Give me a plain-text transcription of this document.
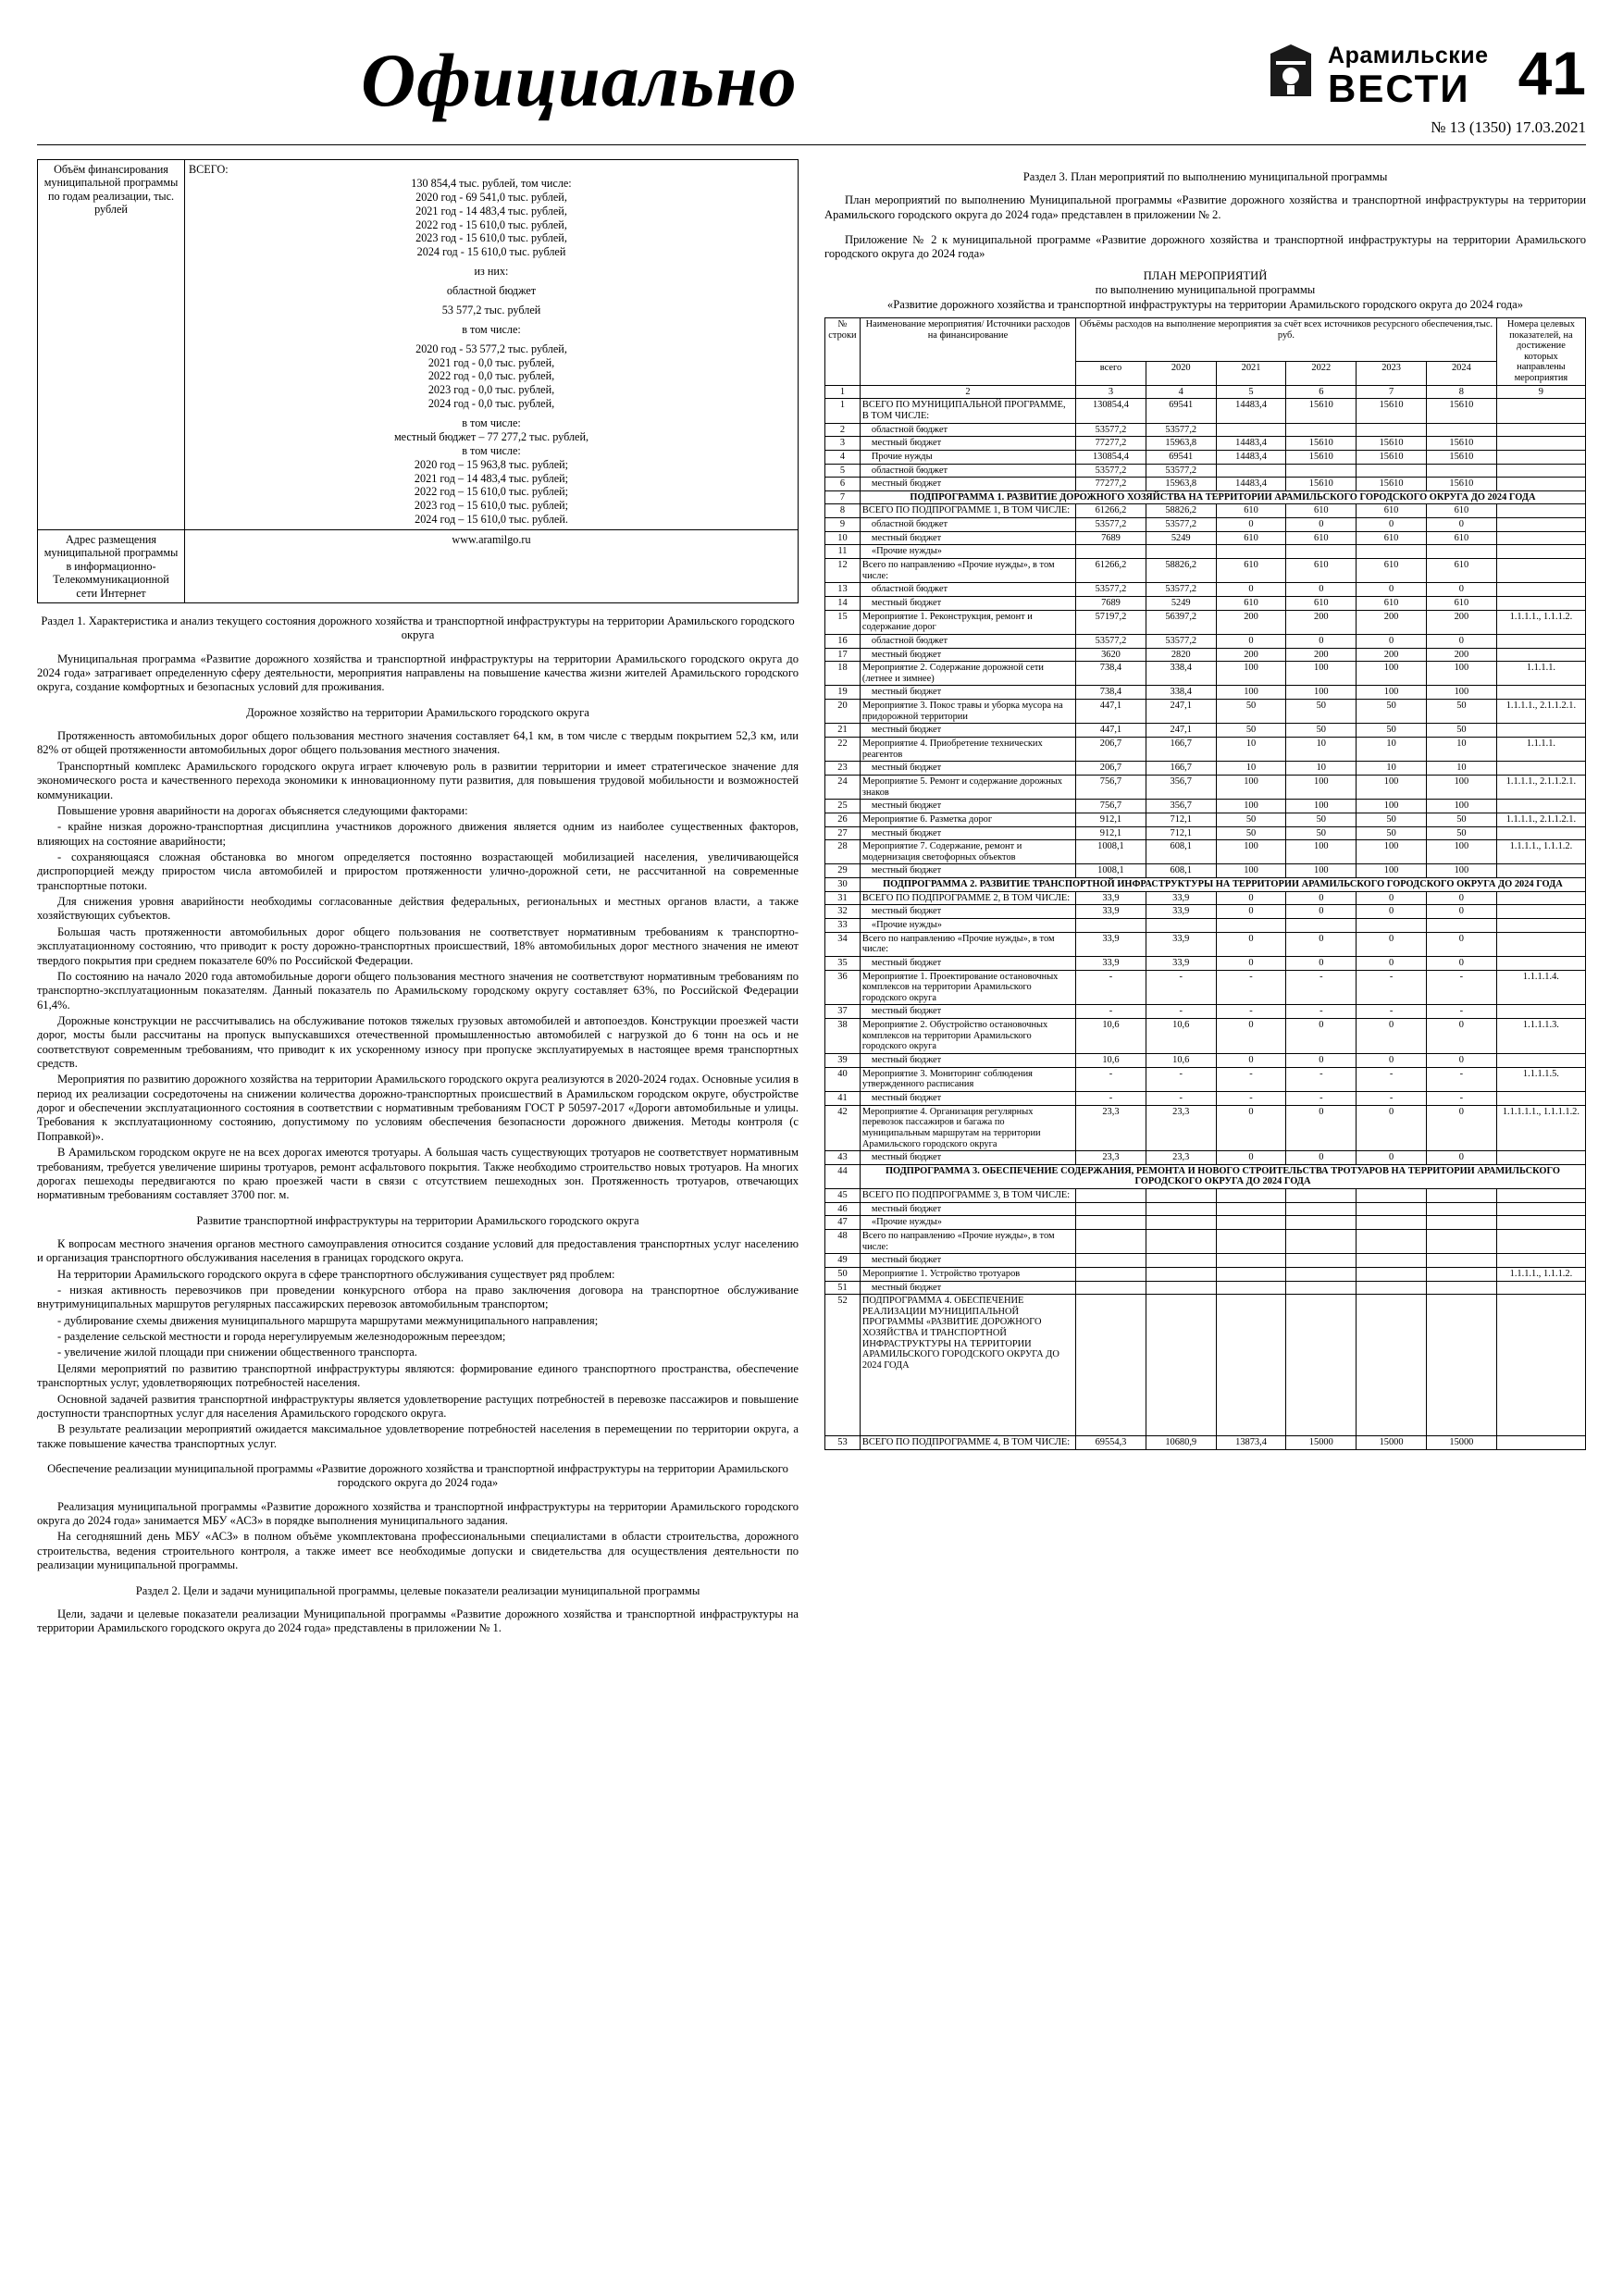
Официально	Арамильские
ВЕСТИ 41
№ 13 (1350) 17.03.2021
Объём финансирования муниципальной программы по годам реализации, тыс. рублей	

ВСЕГО:

130 854,4 тыс. рублей, том числе:

2020 год - 69 541,0 тыс. рублей,

2021 год - 14 483,4 тыс. рублей,

2022 год - 15 610,0 тыс. рублей,

2023 год - 15 610,0 тыс. рублей,

2024 год - 15 610,0 тыс. рублей

из них:

областной бюджет

53 577,2 тыс. рублей

в том числе:

2020 год - 53 577,2 тыс. рублей,

2021 год - 0,0 тыс. рублей,

2022 год - 0,0 тыс. рублей,

2023 год - 0,0 тыс. рублей,

2024 год - 0,0 тыс. рублей,

в том числе:

местный бюджет – 77 277,2 тыс. рублей,

в том числе:

2020 год – 15 963,8 тыс. рублей;

2021 год – 14 483,4 тыс. рублей;

2022 год – 15 610,0 тыс. рублей;

2023 год – 15 610,0 тыс. рублей;

2024 год – 15 610,0 тыс. рублей.

Адрес размещения муниципальной программы в информационно-Телекоммуникационной сети Интернет	www.aramilgo.ru

Раздел 1. Характеристика и анализ текущего состояния дорожного хозяйства и транспортной инфраструктуры на территории Арамильского городского округа

Муниципальная программа «Развитие дорожного хозяйства и транспортной инфраструктуры на территории Арамильского городского округа до 2024 года» затрагивает определенную сферу деятельности, мероприятия направлены на повышение качества жизни жителей Арамильского городского округа, создание комфортных и безопасных условий для проживания.

Дорожное хозяйство на территории Арамильского городского округа

Протяженность автомобильных дорог общего пользования местного значения составляет 64,1 км, в том числе с твердым покрытием 52,3 км, или 82% от общей протяженности автомобильных дорог общего пользования местного значения.

Транспортный комплекс Арамильского городского округа играет ключевую роль в развитии территории и имеет стратегическое значение для экономического роста и качественного перехода экономики к инновационному пути развития, для повышения трудовой мобильности и возможностей коммуникации.

Повышение уровня аварийности на дорогах объясняется следующими факторами:

- крайне низкая дорожно-транспортная дисциплина участников дорожного движения является одним из наиболее существенных факторов, влияющих на состояние аварийности;

- сохраняющаяся сложная обстановка во многом определяется постоянно возрастающей мобилизацией населения, увеличивающейся диспропорцией между приростом числа автомобилей и приростом протяженности улично-дорожной сети, не рассчитанной на современные транспортные потоки.

Для снижения уровня аварийности необходимы согласованные действия федеральных, региональных и местных органов власти, а также хозяйствующих субъектов.

Большая часть протяженности автомобильных дорог общего пользования не соответствует нормативным требованиям к транспортно-эксплуатационному состоянию, что приводит к росту дорожно-транспортных происшествий, 18% автомобильных дорог местного значения не имеют твердого покрытия при среднем показателе 60% по Российской Федерации.

По состоянию на начало 2020 года автомобильные дороги общего пользования местного значения не соответствуют нормативным требованиям по транспортно-эксплуатационным показателям. Данный показатель по Арамильскому городскому округу составляет 63%, по Российской Федерации 61,4%.

Дорожные конструкции не рассчитывались на обслуживание потоков тяжелых грузовых автомобилей и автопоездов. Конструкции проезжей части дорог, мосты были рассчитаны на пропуск выпускавшихся отечественной промышленностью автомобилей с нагрузкой до 6 тонн на ось и не соответствуют современным требованиям, что приводит к их ускоренному износу при пропуске эксплуатируемых в настоящее время транспортных средств.

Мероприятия по развитию дорожного хозяйства на территории Арамильского городского округа реализуются в 2020-2024 годах. Основные усилия в период их реализации сосредоточены на снижении количества дорожно-транспортных происшествий в Арамильском городском округе, обустройстве дорог и обеспечении эксплуатационного состояния в соответствии с нормативным требованиям ГОСТ Р 50597-2017 «Дороги автомобильные и улицы. Требования к эксплуатационному состоянию, допустимому по условиям обеспечения безопасности дорожного движения. Методы контроля (с Поправкой)».

В Арамильском городском округе не на всех дорогах имеются тротуары. А большая часть существующих тротуаров не соответствует нормативным требованиям, требуется увеличение ширины тротуаров, ремонт асфальтового покрытия. Также необходимо строительство новых тротуаров. На многих дорогах пешеходы передвигаются по краю проезжей части в связи с отсутствием пешеходных зон. Протяженность тротуаров, отвечающих нормативным требованиям составляет 3700 пог. м.

Развитие транспортной инфраструктуры на территории Арамильского городского округа

К вопросам местного значения органов местного самоуправления относится создание условий для предоставления транспортных услуг населению и организация транспортного обслуживания населения в границах городского округа.

На территории Арамильского городского округа в сфере транспортного обслуживания существует ряд проблем:

- низкая активность перевозчиков при проведении конкурсного отбора на право заключения договора на транспортное обслуживание внутримуниципальных маршрутов регулярных пассажирских перевозок автомобильным транспортом;

- дублирование схемы движения муниципального маршрута маршрутами межмуниципального направления;

- разделение сельской местности и города нерегулируемым железнодорожным переездом;

- увеличение жилой площади при снижении общественного транспорта.

Целями мероприятий по развитию транспортной инфраструктуры являются: формирование единого транспортного пространства, обеспечение транспортных услуг, удовлетворяющих потребностей населения.

Основной задачей развития транспортной инфраструктуры является удовлетворение растущих потребностей в перевозке пассажиров и повышение доступности транспортных услуг для населения Арамильского городского округа.

В результате реализации мероприятий ожидается максимальное удовлетворение потребностей населения в перемещении по территории округа, а также повышение качества транспортных услуг.

Обеспечение реализации муниципальной программы «Развитие дорожного хозяйства и транспортной инфраструктуры на территории Арамильского городского округа до 2024 года»

Реализация муниципальной программы «Развитие дорожного хозяйства и транспортной инфраструктуры на территории Арамильского городского округа до 2024 года» занимается МБУ «АСЗ» в порядке выполнения муниципального задания.

На сегодняшний день МБУ «АСЗ» в полном объёме укомплектована профессиональными специалистами в области строительства, дорожного строительства, ведения строительного контроля, а также имеет все необходимые допуски и свидетельства для осуществления деятельности по реализации муниципальной программы.

Раздел 2. Цели и задачи муниципальной программы, целевые показатели реализации муниципальной программы

Цели, задачи и целевые показатели реализации Муниципальной программы «Развитие дорожного хозяйства и транспортной инфраструктуры на территории Арамильского городского округа до 2024 года» представлены в приложении № 1.

Раздел 3. План мероприятий по выполнению муниципальной программы

План мероприятий по выполнению Муниципальной программы «Развитие дорожного хозяйства и транспортной инфраструктуры на территории Арамильского городского округа до 2024 года» представлен в приложении № 2.

Приложение № 2 к муниципальной программе «Развитие дорожного хозяйства и транспортной инфраструктуры на территории Арамильского городского округа до 2024 года»

ПЛАН МЕРОПРИЯТИЙ

по выполнению муниципальной программы

«Развитие дорожного хозяйства и транспортной инфраструктуры на территории Арамильского городского округа до 2024 года»

№ строки	Наименование мероприятия/ Источники расходов на финансирование	Объёмы расходов на выполнение мероприятия за счёт всех источников ресурсного обеспечения,тыс. руб.						Номера целевых показателей, на достижение которых направлены мероприятия
		всего	2020	2021	2022	2023	2024	
1	2	3	4	5	6	7	8	9
1	ВСЕГО ПО МУНИЦИПАЛЬНОЙ ПРОГРАММЕ, В ТОМ ЧИСЛЕ:	130854,4	69541	14483,4	15610	15610	15610	
2	областной бюджет	53577,2	53577,2					
3	местный бюджет	77277,2	15963,8	14483,4	15610	15610	15610	
4	Прочие нужды	130854,4	69541	14483,4	15610	15610	15610	
5	областной бюджет	53577,2	53577,2					
6	местный бюджет	77277,2	15963,8	14483,4	15610	15610	15610	
7	ПОДПРОГРАММА 1. РАЗВИТИЕ ДОРОЖНОГО ХОЗЯЙСТВА НА ТЕРРИТОРИИ АРАМИЛЬСКОГО ГОРОДСКОГО ОКРУГА ДО 2024 ГОДА							
8	ВСЕГО ПО ПОДПРОГРАММЕ 1, В ТОМ ЧИСЛЕ:	61266,2	58826,2	610	610	610	610	
9	областной бюджет	53577,2	53577,2	0	0	0	0	
10	местный бюджет	7689	5249	610	610	610	610	
11	«Прочие нужды»							
12	Всего по направлению «Прочие нужды», в том числе:	61266,2	58826,2	610	610	610	610	
13	областной бюджет	53577,2	53577,2	0	0	0	0	
14	местный бюджет	7689	5249	610	610	610	610	
15	Мероприятие 1. Реконструкция, ремонт и содержание дорог	57197,2	56397,2	200	200	200	200	1.1.1.1., 1.1.1.2.
16	областной бюджет	53577,2	53577,2	0	0	0	0	
17	местный бюджет	3620	2820	200	200	200	200	
18	Мероприятие 2. Содержание дорожной сети (летнее и зимнее)	738,4	338,4	100	100	100	100	1.1.1.1.
19	местный бюджет	738,4	338,4	100	100	100	100	
20	Мероприятие 3. Покос травы и уборка мусора на придорожной территории	447,1	247,1	50	50	50	50	1.1.1.1., 2.1.1.2.1.
21	местный бюджет	447,1	247,1	50	50	50	50	
22	Мероприятие 4. Приобретение технических реагентов	206,7	166,7	10	10	10	10	1.1.1.1.
23	местный бюджет	206,7	166,7	10	10	10	10	
24	Мероприятие 5. Ремонт и содержание дорожных знаков	756,7	356,7	100	100	100	100	1.1.1.1., 2.1.1.2.1.
25	местный бюджет	756,7	356,7	100	100	100	100	
26	Мероприятие 6. Разметка дорог	912,1	712,1	50	50	50	50	1.1.1.1., 2.1.1.2.1.
27	местный бюджет	912,1	712,1	50	50	50	50	
28	Мероприятие 7. Содержание, ремонт и модернизация светофорных объектов	1008,1	608,1	100	100	100	100	1.1.1.1., 1.1.1.2.
29	местный бюджет	1008,1	608,1	100	100	100	100	
30	ПОДПРОГРАММА 2. РАЗВИТИЕ ТРАНСПОРТНОЙ ИНФРАСТРУКТУРЫ НА ТЕРРИТОРИИ АРАМИЛЬСКОГО ГОРОДСКОГО ОКРУГА ДО 2024 ГОДА							
31	ВСЕГО ПО ПОДПРОГРАММЕ 2, В ТОМ ЧИСЛЕ:	33,9	33,9	0	0	0	0	
32	местный бюджет	33,9	33,9	0	0	0	0	
33	«Прочие нужды»							
34	Всего по направлению «Прочие нужды», в том числе:	33,9	33,9	0	0	0	0	
35	местный бюджет	33,9	33,9	0	0	0	0	
36	Мероприятие 1. Проектирование остановочных комплексов на территории Арамильского городского округа	-	-	-	-	-	-	1.1.1.1.4.
37	местный бюджет	-	-	-	-	-	-	
38	Мероприятие 2. Обустройство остановочных комплексов на территории Арамильского городского округа	10,6	10,6	0	0	0	0	1.1.1.1.3.
39	местный бюджет	10,6	10,6	0	0	0	0	
40	Мероприятие 3. Мониторинг соблюдения утвержденного расписания	-	-	-	-	-	-	1.1.1.1.5.
41	местный бюджет	-	-	-	-	-	-	
42	Мероприятие 4. Организация регулярных перевозок пассажиров и багажа по муниципальным маршрутам на территории Арамильского городского округа	23,3	23,3	0	0	0	0	1.1.1.1.1., 1.1.1.1.2.
43	местный бюджет	23,3	23,3	0	0	0	0	
44	ПОДПРОГРАММА 3. ОБЕСПЕЧЕНИЕ СОДЕРЖАНИЯ, РЕМОНТА И НОВОГО СТРОИТЕЛЬСТВА ТРОТУАРОВ НА ТЕРРИТОРИИ АРАМИЛЬСКОГО ГОРОДСКОГО ОКРУГА ДО 2024 ГОДА							
45	ВСЕГО ПО ПОДПРОГРАММЕ 3, В ТОМ ЧИСЛЕ:							
46	местный бюджет							
47	«Прочие нужды»							
48	Всего по направлению «Прочие нужды», в том числе:							
49	местный бюджет							
50	Мероприятие 1. Устройство тротуаров							1.1.1.1., 1.1.1.2.
51	местный бюджет							
52	ПОДПРОГРАММА 4. ОБЕСПЕЧЕНИЕ РЕАЛИЗАЦИИ МУНИЦИПАЛЬНОЙ ПРОГРАММЫ «РАЗВИТИЕ ДОРОЖНОГО ХОЗЯЙСТВА И ТРАНСПОРТНОЙ ИНФРАСТРУКТУРЫ НА ТЕРРИТОРИИ АРАМИЛЬСКОГО ГОРОДСКОГО ОКРУГА ДО 2024 ГОДА							
53	ВСЕГО ПО ПОДПРОГРАММЕ 4, В ТОМ ЧИСЛЕ:	69554,3	10680,9	13873,4	15000	15000	15000	
